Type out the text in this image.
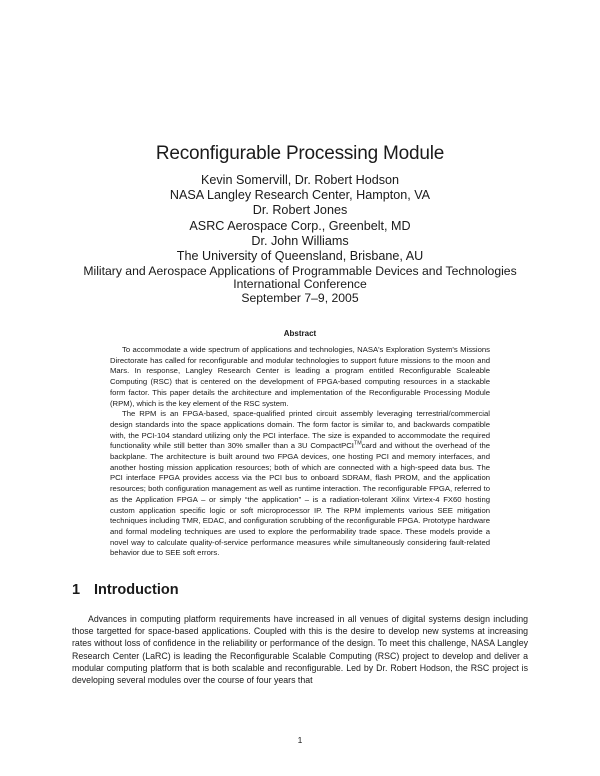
Reconfigurable Processing Module
Kevin Somervill, Dr. Robert Hodson
NASA Langley Research Center, Hampton, VA
Dr. Robert Jones
ASRC Aerospace Corp., Greenbelt, MD
Dr. John Williams
The University of Queensland, Brisbane, AU
Military and Aerospace Applications of Programmable Devices and Technologies
International Conference
September 7–9, 2005
Abstract

To accommodate a wide spectrum of applications and technologies, NASA's Exploration System's Missions Directorate has called for reconfigurable and modular technologies to support future missions to the moon and Mars. In response, Langley Research Center is leading a program entitled Reconfigurable Scaleable Computing (RSC) that is centered on the development of FPGA-based computing resources in a stackable form factor. This paper details the architecture and implementation of the Reconfigurable Processing Module (RPM), which is the key element of the RSC system.

The RPM is an FPGA-based, space-qualified printed circuit assembly leveraging terrestrial/commercial design standards into the space applications domain. The form factor is similar to, and backwards compatible with, the PCI-104 standard utilizing only the PCI interface. The size is expanded to accommodate the required functionality while still better than 30% smaller than a 3U CompactPCI™card and without the overhead of the backplane. The architecture is built around two FPGA devices, one hosting PCI and memory interfaces, and another hosting mission application resources; both of which are connected with a high-speed data bus. The PCI interface FPGA provides access via the PCI bus to onboard SDRAM, flash PROM, and the application resources; both configuration management as well as runtime interaction. The reconfigurable FPGA, referred to as the Application FPGA – or simply “the application” – is a radiation-tolerant Xilinx Virtex-4 FX60 hosting custom application specific logic or soft microprocessor IP. The RPM implements various SEE mitigation techniques including TMR, EDAC, and configuration scrubbing of the reconfigurable FPGA. Prototype hardware and formal modeling techniques are used to explore the performability trade space. These models provide a novel way to calculate quality-of-service performance measures while simultaneously considering fault-related behavior due to SEE soft errors.

1 Introduction

Advances in computing platform requirements have increased in all venues of digital systems design including those targetted for space-based applications. Coupled with this is the desire to develop new systems at increasing rates without loss of confidence in the reliability or performance of the design. To meet this challenge, NASA Langley Research Center (LaRC) is leading the Reconfigurable Scalable Computing (RSC) project to develop and deliver a modular computing platform that is both scalable and reconfigurable. Led by Dr. Robert Hodson, the RSC project is developing several modules over the course of four years that

1
